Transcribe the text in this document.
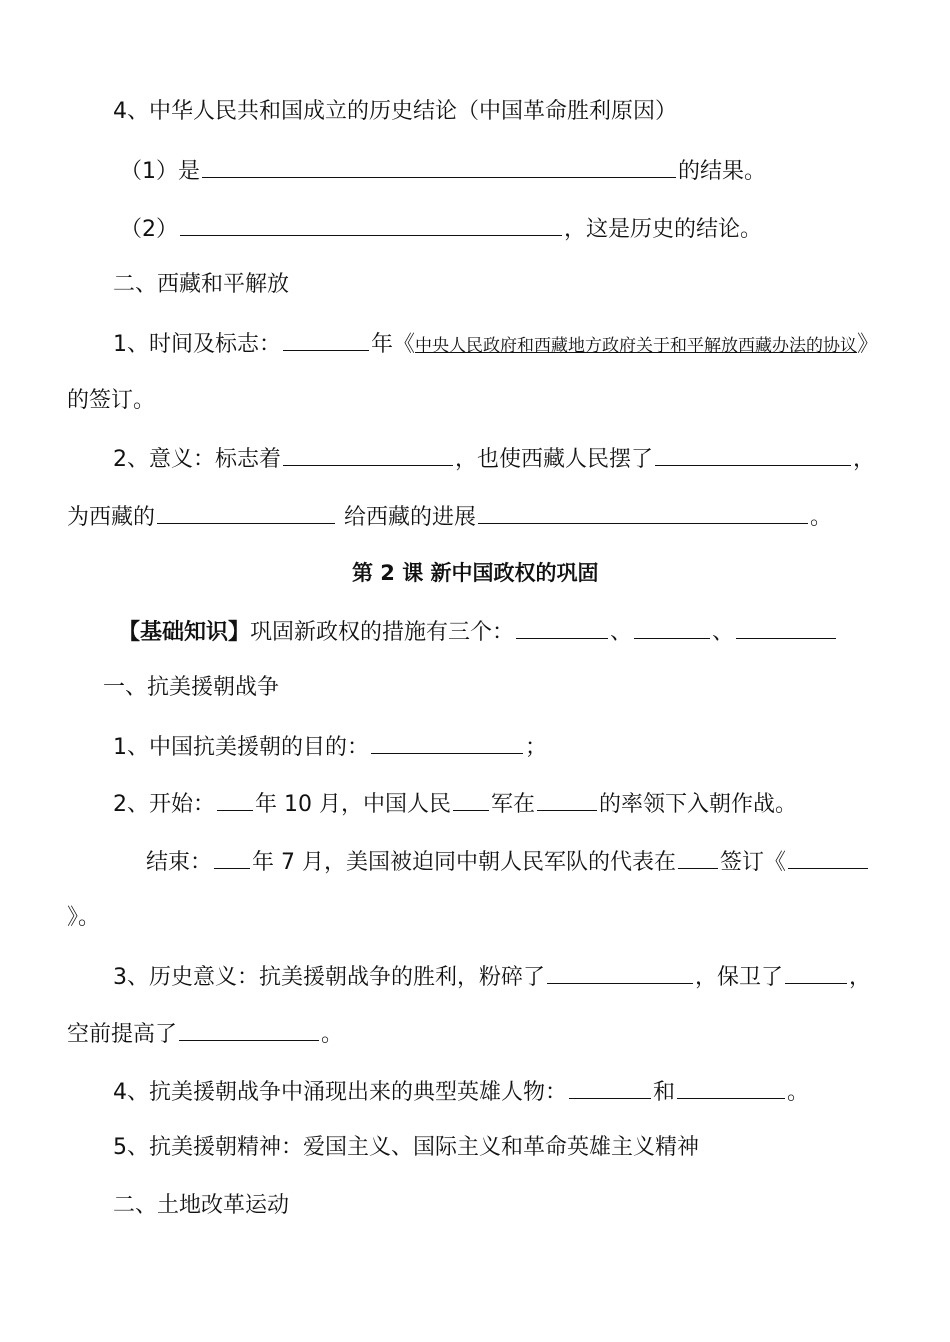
4、中华人民共和国成立的历史结论（中国革命胜利原因）
（1）是	的结果。
（2）	，这是历史的结论。
二、西藏和平解放
1、时间及标志：	年《中央人民政府和西藏地方政府关于和平解放西藏办法的协议》
的签订。
2、意义：标志着	，也使西藏人民摆了	，
为西藏的	给西藏的进展	。
第 2 课 新中国政权的巩固
【基础知识】巩固新政权的措施有三个：	、	、
一、抗美援朝战争
1、中国抗美援朝的目的：	；
2、开始： 年 10 月，中国人民 军在	的率领下入朝作战。
结束： 年 7 月，美国被迫同中朝人民军队的代表在 签订《
》。
3、历史意义：抗美援朝战争的胜利，粉碎了	，保卫了	，
空前提高了	。
4、抗美援朝战争中涌现出来的典型英雄人物：	和	。
5、抗美援朝精神：爱国主义、国际主义和革命英雄主义精神
二、土地改革运动
